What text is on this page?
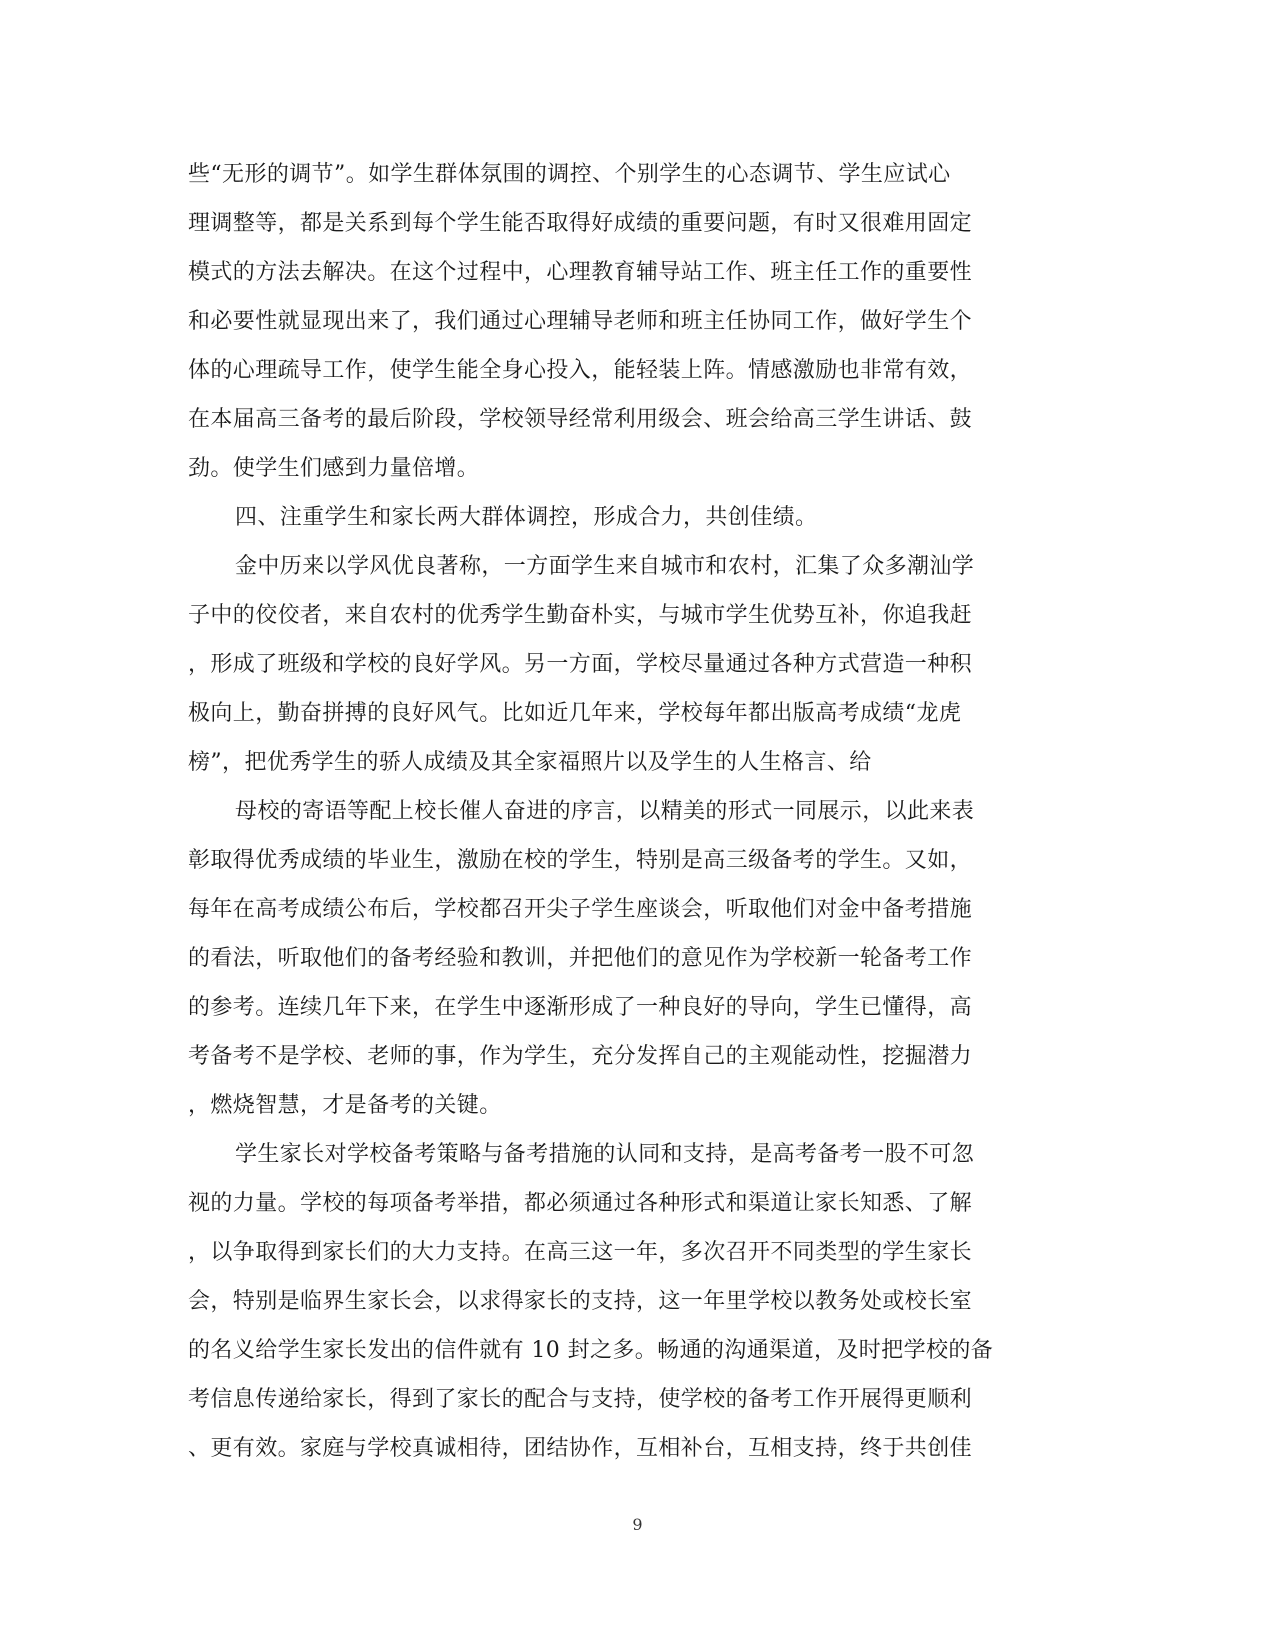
些“无形的调节”。如学生群体氛围的调控、个别学生的心态调节、学生应试心
理调整等，都是关系到每个学生能否取得好成绩的重要问题，有时又很难用固定
模式的方法去解决。在这个过程中，心理教育辅导站工作、班主任工作的重要性
和必要性就显现出来了，我们通过心理辅导老师和班主任协同工作，做好学生个
体的心理疏导工作，使学生能全身心投入，能轻装上阵。情感激励也非常有效，
在本届高三备考的最后阶段，学校领导经常利用级会、班会给高三学生讲话、鼓
劲。使学生们感到力量倍增。
四、注重学生和家长两大群体调控，形成合力，共创佳绩。
金中历来以学风优良著称，一方面学生来自城市和农村，汇集了众多潮汕学
子中的佼佼者，来自农村的优秀学生勤奋朴实，与城市学生优势互补，你追我赶
，形成了班级和学校的良好学风。另一方面，学校尽量通过各种方式营造一种积
极向上，勤奋拼搏的良好风气。比如近几年来，学校每年都出版高考成绩“龙虎
榜”，把优秀学生的骄人成绩及其全家福照片以及学生的人生格言、给
母校的寄语等配上校长催人奋进的序言，以精美的形式一同展示，以此来表
彰取得优秀成绩的毕业生，激励在校的学生，特别是高三级备考的学生。又如，
每年在高考成绩公布后，学校都召开尖子学生座谈会，听取他们对金中备考措施
的看法，听取他们的备考经验和教训，并把他们的意见作为学校新一轮备考工作
的参考。连续几年下来，在学生中逐渐形成了一种良好的导向，学生已懂得，高
考备考不是学校、老师的事，作为学生，充分发挥自己的主观能动性，挖掘潜力
，燃烧智慧，才是备考的关键。
学生家长对学校备考策略与备考措施的认同和支持，是高考备考一股不可忽
视的力量。学校的每项备考举措，都必须通过各种形式和渠道让家长知悉、了解
，以争取得到家长们的大力支持。在高三这一年，多次召开不同类型的学生家长
会，特别是临界生家长会，以求得家长的支持，这一年里学校以教务处或校长室
的名义给学生家长发出的信件就有 10 封之多。畅通的沟通渠道，及时把学校的备
考信息传递给家长，得到了家长的配合与支持，使学校的备考工作开展得更顺利
、更有效。家庭与学校真诚相待，团结协作，互相补台，互相支持，终于共创佳
9
